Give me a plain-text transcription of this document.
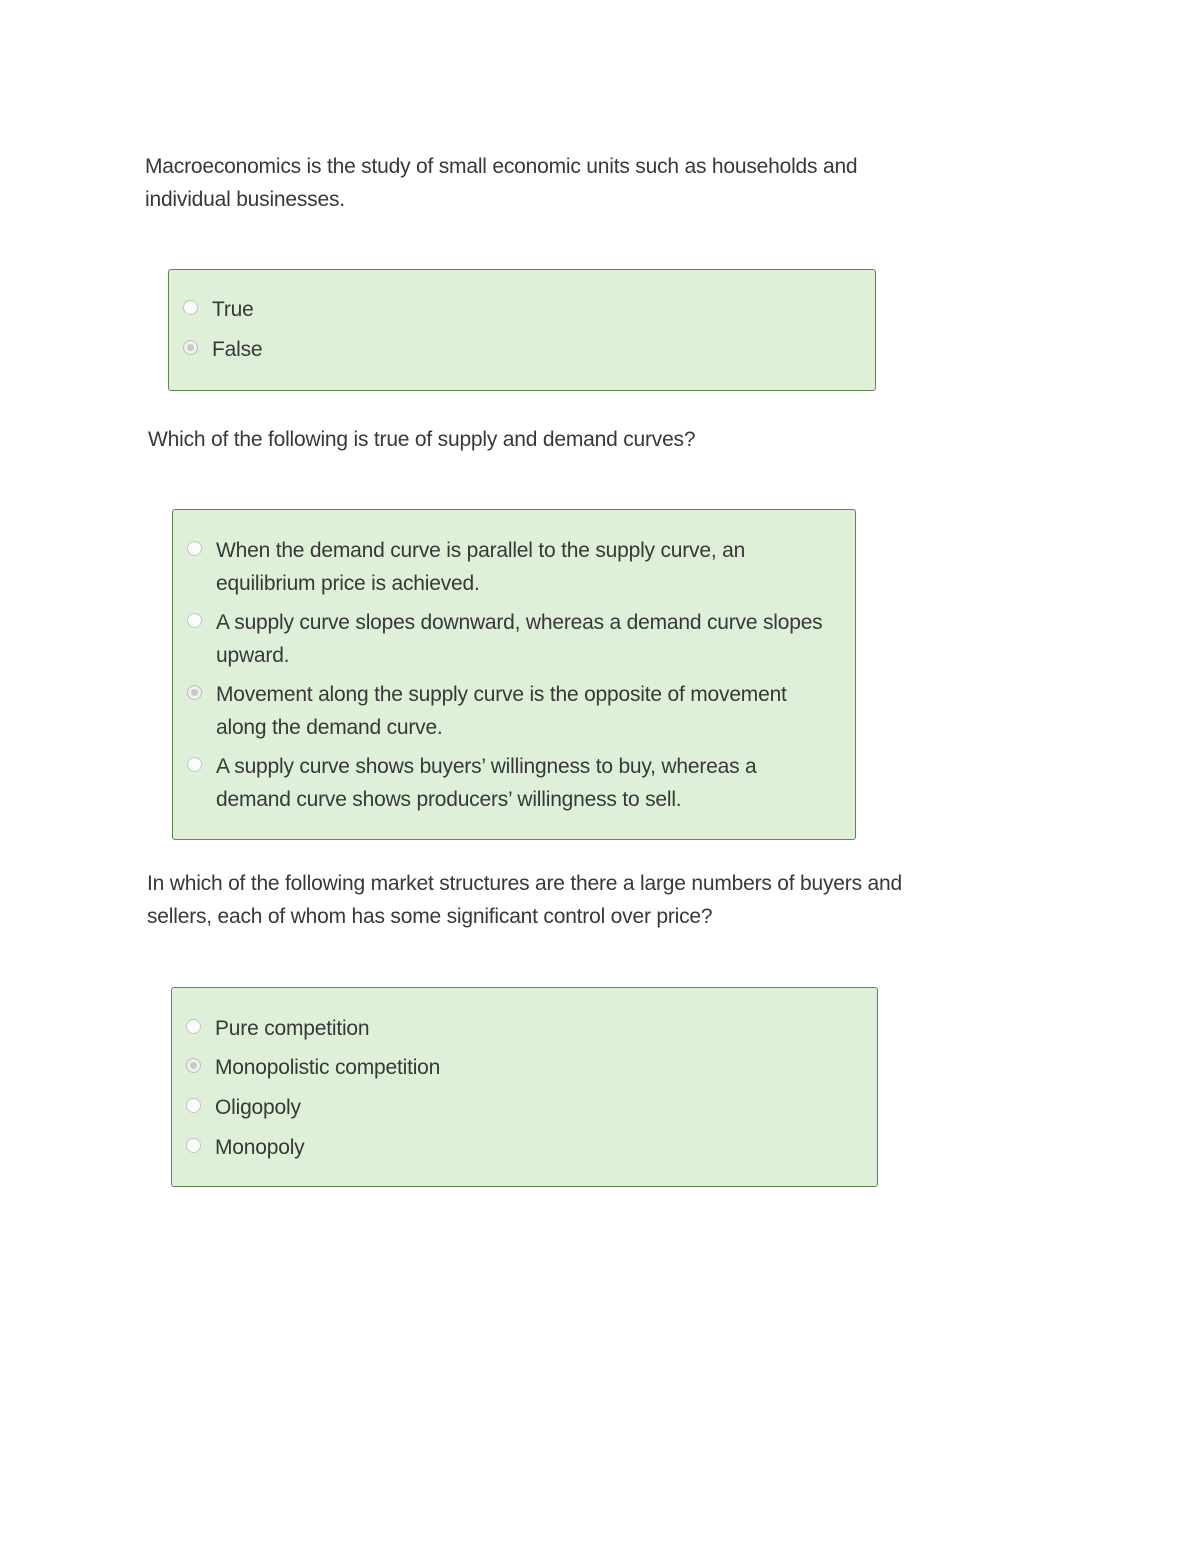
Macroeconomics is the study of small economic units such as households and individual businesses.

True
False

Which of the following is true of supply and demand curves?

When the demand curve is parallel to the supply curve, an equilibrium price is achieved.
A supply curve slopes downward, whereas a demand curve slopes upward.
Movement along the supply curve is the opposite of movement along the demand curve.
A supply curve shows buyers’ willingness to buy, whereas a demand curve shows producers’ willingness to sell.

In which of the following market structures are there a large numbers of buyers and sellers, each of whom has some significant control over price?

Pure competition
Monopolistic competition
Oligopoly
Monopoly
